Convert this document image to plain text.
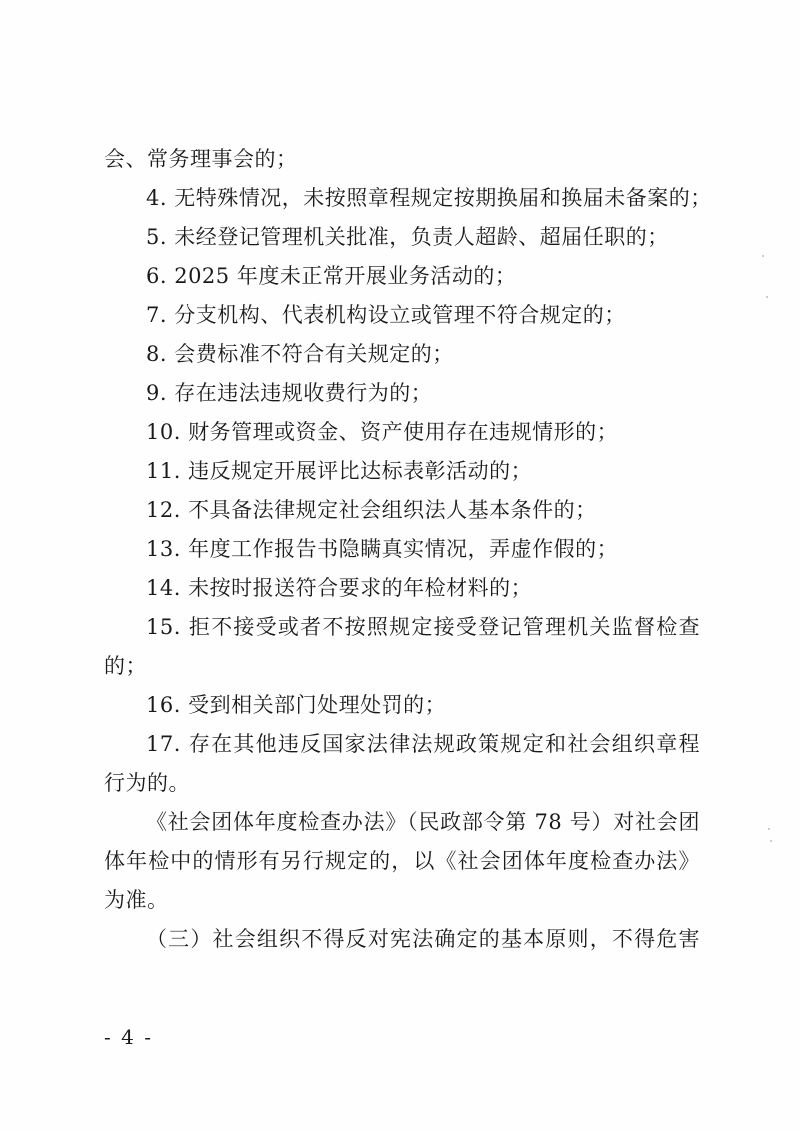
会、常务理事会的；
4. 无特殊情况，未按照章程规定按期换届和换届未备案的；
5. 未经登记管理机关批准，负责人超龄、超届任职的；
6. 2025 年度未正常开展业务活动的；
7. 分支机构、代表机构设立或管理不符合规定的；
8. 会费标准不符合有关规定的；
9. 存在违法违规收费行为的；
10. 财务管理或资金、资产使用存在违规情形的；
11. 违反规定开展评比达标表彰活动的；
12. 不具备法律规定社会组织法人基本条件的；
13. 年度工作报告书隐瞒真实情况，弄虚作假的；
14. 未按时报送符合要求的年检材料的；
15. 拒不接受或者不按照规定接受登记管理机关监督检查
的；
16. 受到相关部门处理处罚的；
17. 存在其他违反国家法律法规政策规定和社会组织章程
行为的。
《社会团体年度检查办法》（民政部令第 78 号）对社会团
体年检中的情形有另行规定的，以《社会团体年度检查办法》
为准。
（三）社会组织不得反对宪法确定的基本原则，不得危害
- 4 -
